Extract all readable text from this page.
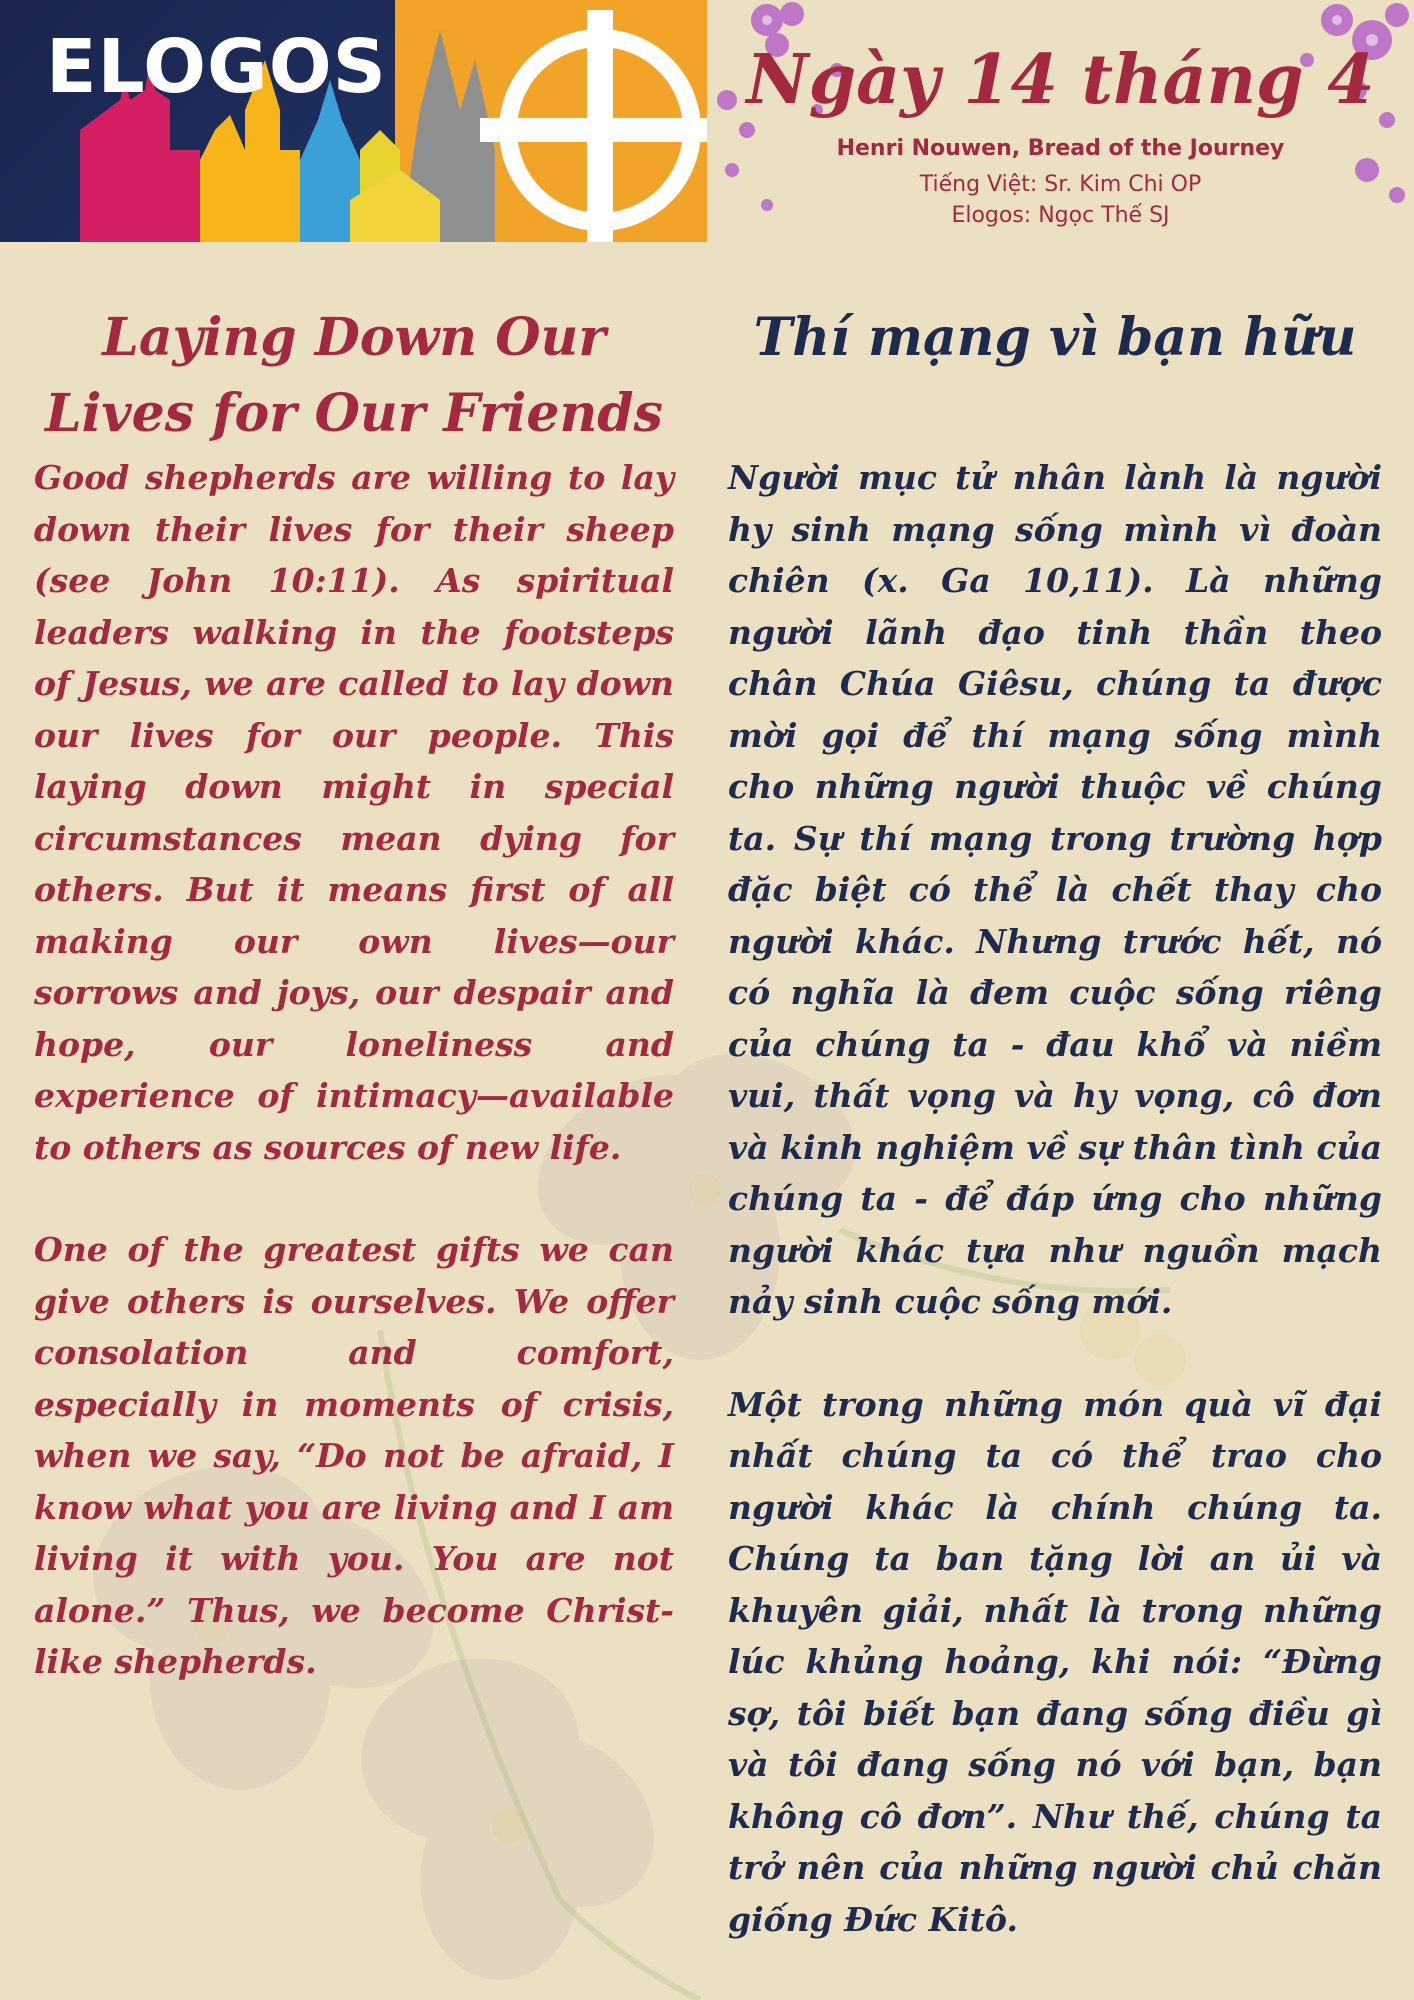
ELOGOS	Ngày 14 tháng 4
Henri Nouwen, Bread of the Journey
Tiếng Việt: Sr. Kim Chi OP
Elogos: Ngọc Thế SJ
Laying Down Our Lives for Our Friends

Good shepherds are willing to lay down their lives for their sheep (see John 10:11). As spiritual leaders walking in the footsteps of Jesus, we are called to lay down our lives for our people. This laying down might in special circumstances mean dying for others. But it means first of all making our own lives—our sorrows and joys, our despair and hope, our loneliness and experience of intimacy—available to others as sources of new life.

One of the greatest gifts we can give others is ourselves. We offer consolation and comfort, especially in moments of crisis, when we say, “Do not be afraid, I know what you are living and I am living it with you. You are not alone.” Thus, we become Christ-like shepherds.

Thí mạng vì bạn hữu

Người mục tử nhân lành là người hy sinh mạng sống mình vì đoàn chiên (x. Ga 10,11). Là những người lãnh đạo tinh thần theo chân Chúa Giêsu, chúng ta được mời gọi để thí mạng sống mình cho những người thuộc về chúng ta. Sự thí mạng trong trường hợp đặc biệt có thể là chết thay cho người khác. Nhưng trước hết, nó có nghĩa là đem cuộc sống riêng của chúng ta - đau khổ và niềm vui, thất vọng và hy vọng, cô đơn và kinh nghiệm về sự thân tình của chúng ta - để đáp ứng cho những người khác tựa như nguồn mạch nảy sinh cuộc sống mới.

Một trong những món quà vĩ đại nhất chúng ta có thể trao cho người khác là chính chúng ta. Chúng ta ban tặng lời an ủi và khuyên giải, nhất là trong những lúc khủng hoảng, khi nói: “Đừng sợ, tôi biết bạn đang sống điều gì và tôi đang sống nó với bạn, bạn không cô đơn”. Như thế, chúng ta trở nên của những người chủ chăn giống Đức Kitô.
